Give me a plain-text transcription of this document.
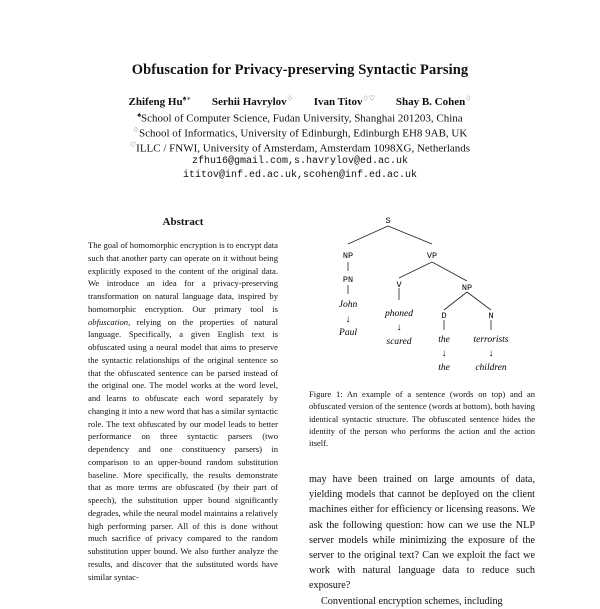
Obfuscation for Privacy-preserving Syntactic Parsing
Zhifeng Hu♠∗ Serhii Havrylov♢ Ivan Titov♢♡ Shay B. Cohen♢
♠School of Computer Science, Fudan University, Shanghai 201203, China
♢School of Informatics, University of Edinburgh, Edinburgh EH8 9AB, UK
♡ILLC / FNWI, University of Amsterdam, Amsterdam 1098XG, Netherlands
zfhu16@gmail.com,s.havrylov@ed.ac.uk
ititov@inf.ed.ac.uk,scohen@inf.ed.ac.uk
Abstract
The goal of homomorphic encryption is to encrypt data such that another party can operate on it without being explicitly exposed to the content of the original data. We introduce an idea for a privacy-preserving transformation on natural language data, inspired by homomorphic encryption. Our primary tool is obfuscation, relying on the properties of natural language. Specifically, a given English text is obfuscated using a neural model that aims to preserve the syntactic relationships of the original sentence so that the obfuscated sentence can be parsed instead of the original one. The model works at the word level, and learns to obfuscate each word separately by changing it into a new word that has a similar syntactic role. The text obfuscated by our model leads to better performance on three syntactic parsers (two dependency and one constituency parsers) in comparison to an upper-bound random substitution baseline. More specifically, the results demonstrate that as more terms are obfuscated (by their part of speech), the substitution upper bound significantly degrades, while the neural model maintains a relatively high performing parser. All of this is done without much sacrifice of privacy compared to the random substitution upper bound. We also further analyze the results, and discover that the substituted words have similar syntac-
S
NP	VP
PN	V	NP
D	N
John
phoned
the terrorists
↓
↓
↓	↓
Paul
scared
the	children
Figure 1: An example of a sentence (words on top) and an obfuscated version of the sentence (words at bottom), both having identical syntactic structure. The obfuscated sentence hides the identity of the person who performs the action and the action itself.

may have been trained on large amounts of data, yielding models that cannot be deployed on the client machines either for efficiency or licensing reasons. We ask the following question: how can we use the NLP server models while minimizing the exposure of the server to the original text? Can we exploit the fact we work with natural language data to reduce such exposure?

Conventional encryption schemes, including
